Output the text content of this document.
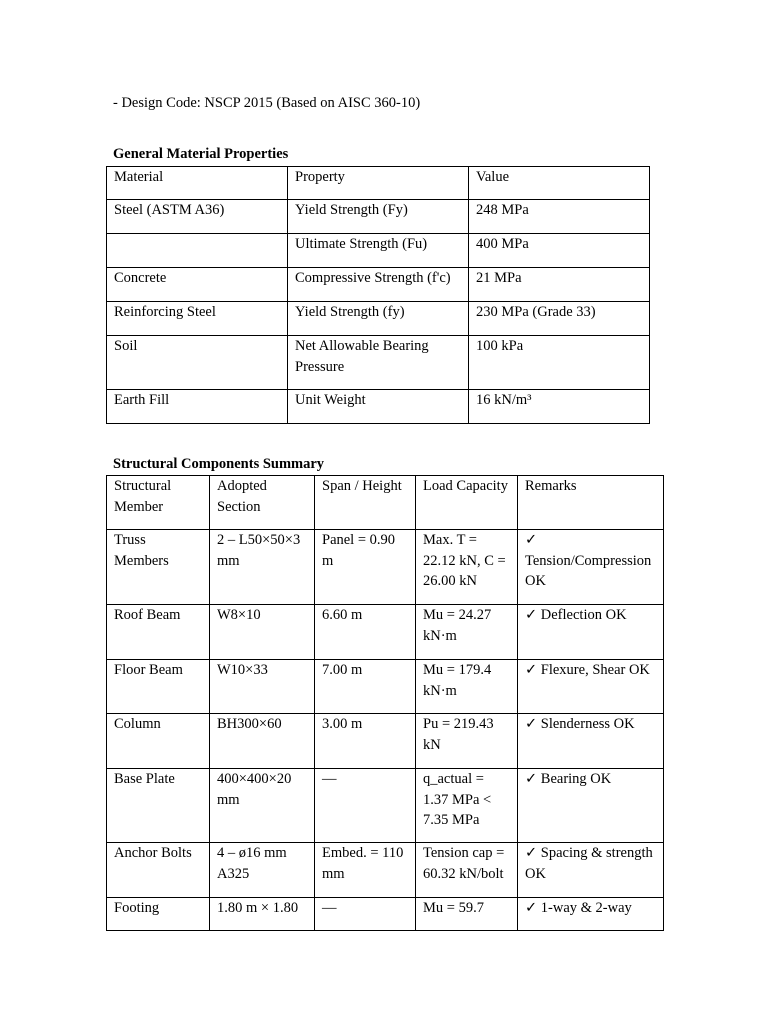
- Design Code: NSCP 2015 (Based on AISC 360-10)
General Material Properties
Material	Property	Value
Steel (ASTM A36)	Yield Strength (Fy)	248 MPa
	Ultimate Strength (Fu)	400 MPa
Concrete	Compressive Strength (f'c)	21 MPa
Reinforcing Steel	Yield Strength (fy)	230 MPa (Grade 33)
Soil	Net Allowable Bearing Pressure	100 kPa
Earth Fill	Unit Weight	16 kN/m³
Structural Components Summary
Structural Member	Adopted Section	Span / Height	Load Capacity	Remarks
Truss Members	2 – L50×50×3 mm	Panel = 0.90 m	Max. T = 22.12 kN, C = 26.00 kN	✓ Tension/Compression OK
Roof Beam	W8×10	6.60 m	Mu = 24.27 kN·m	✓ Deflection OK
Floor Beam	W10×33	7.00 m	Mu = 179.4 kN·m	✓ Flexure, Shear OK
Column	BH300×60	3.00 m	Pu = 219.43 kN	✓ Slenderness OK
Base Plate	400×400×20 mm	—	q_actual = 1.37 MPa < 7.35 MPa	✓ Bearing OK
Anchor Bolts	4 – ø16 mm A325	Embed. = 110 mm	Tension cap = 60.32 kN/bolt	✓ Spacing & strength OK
Footing	1.80 m × 1.80	—	Mu = 59.7	✓ 1-way & 2-way
